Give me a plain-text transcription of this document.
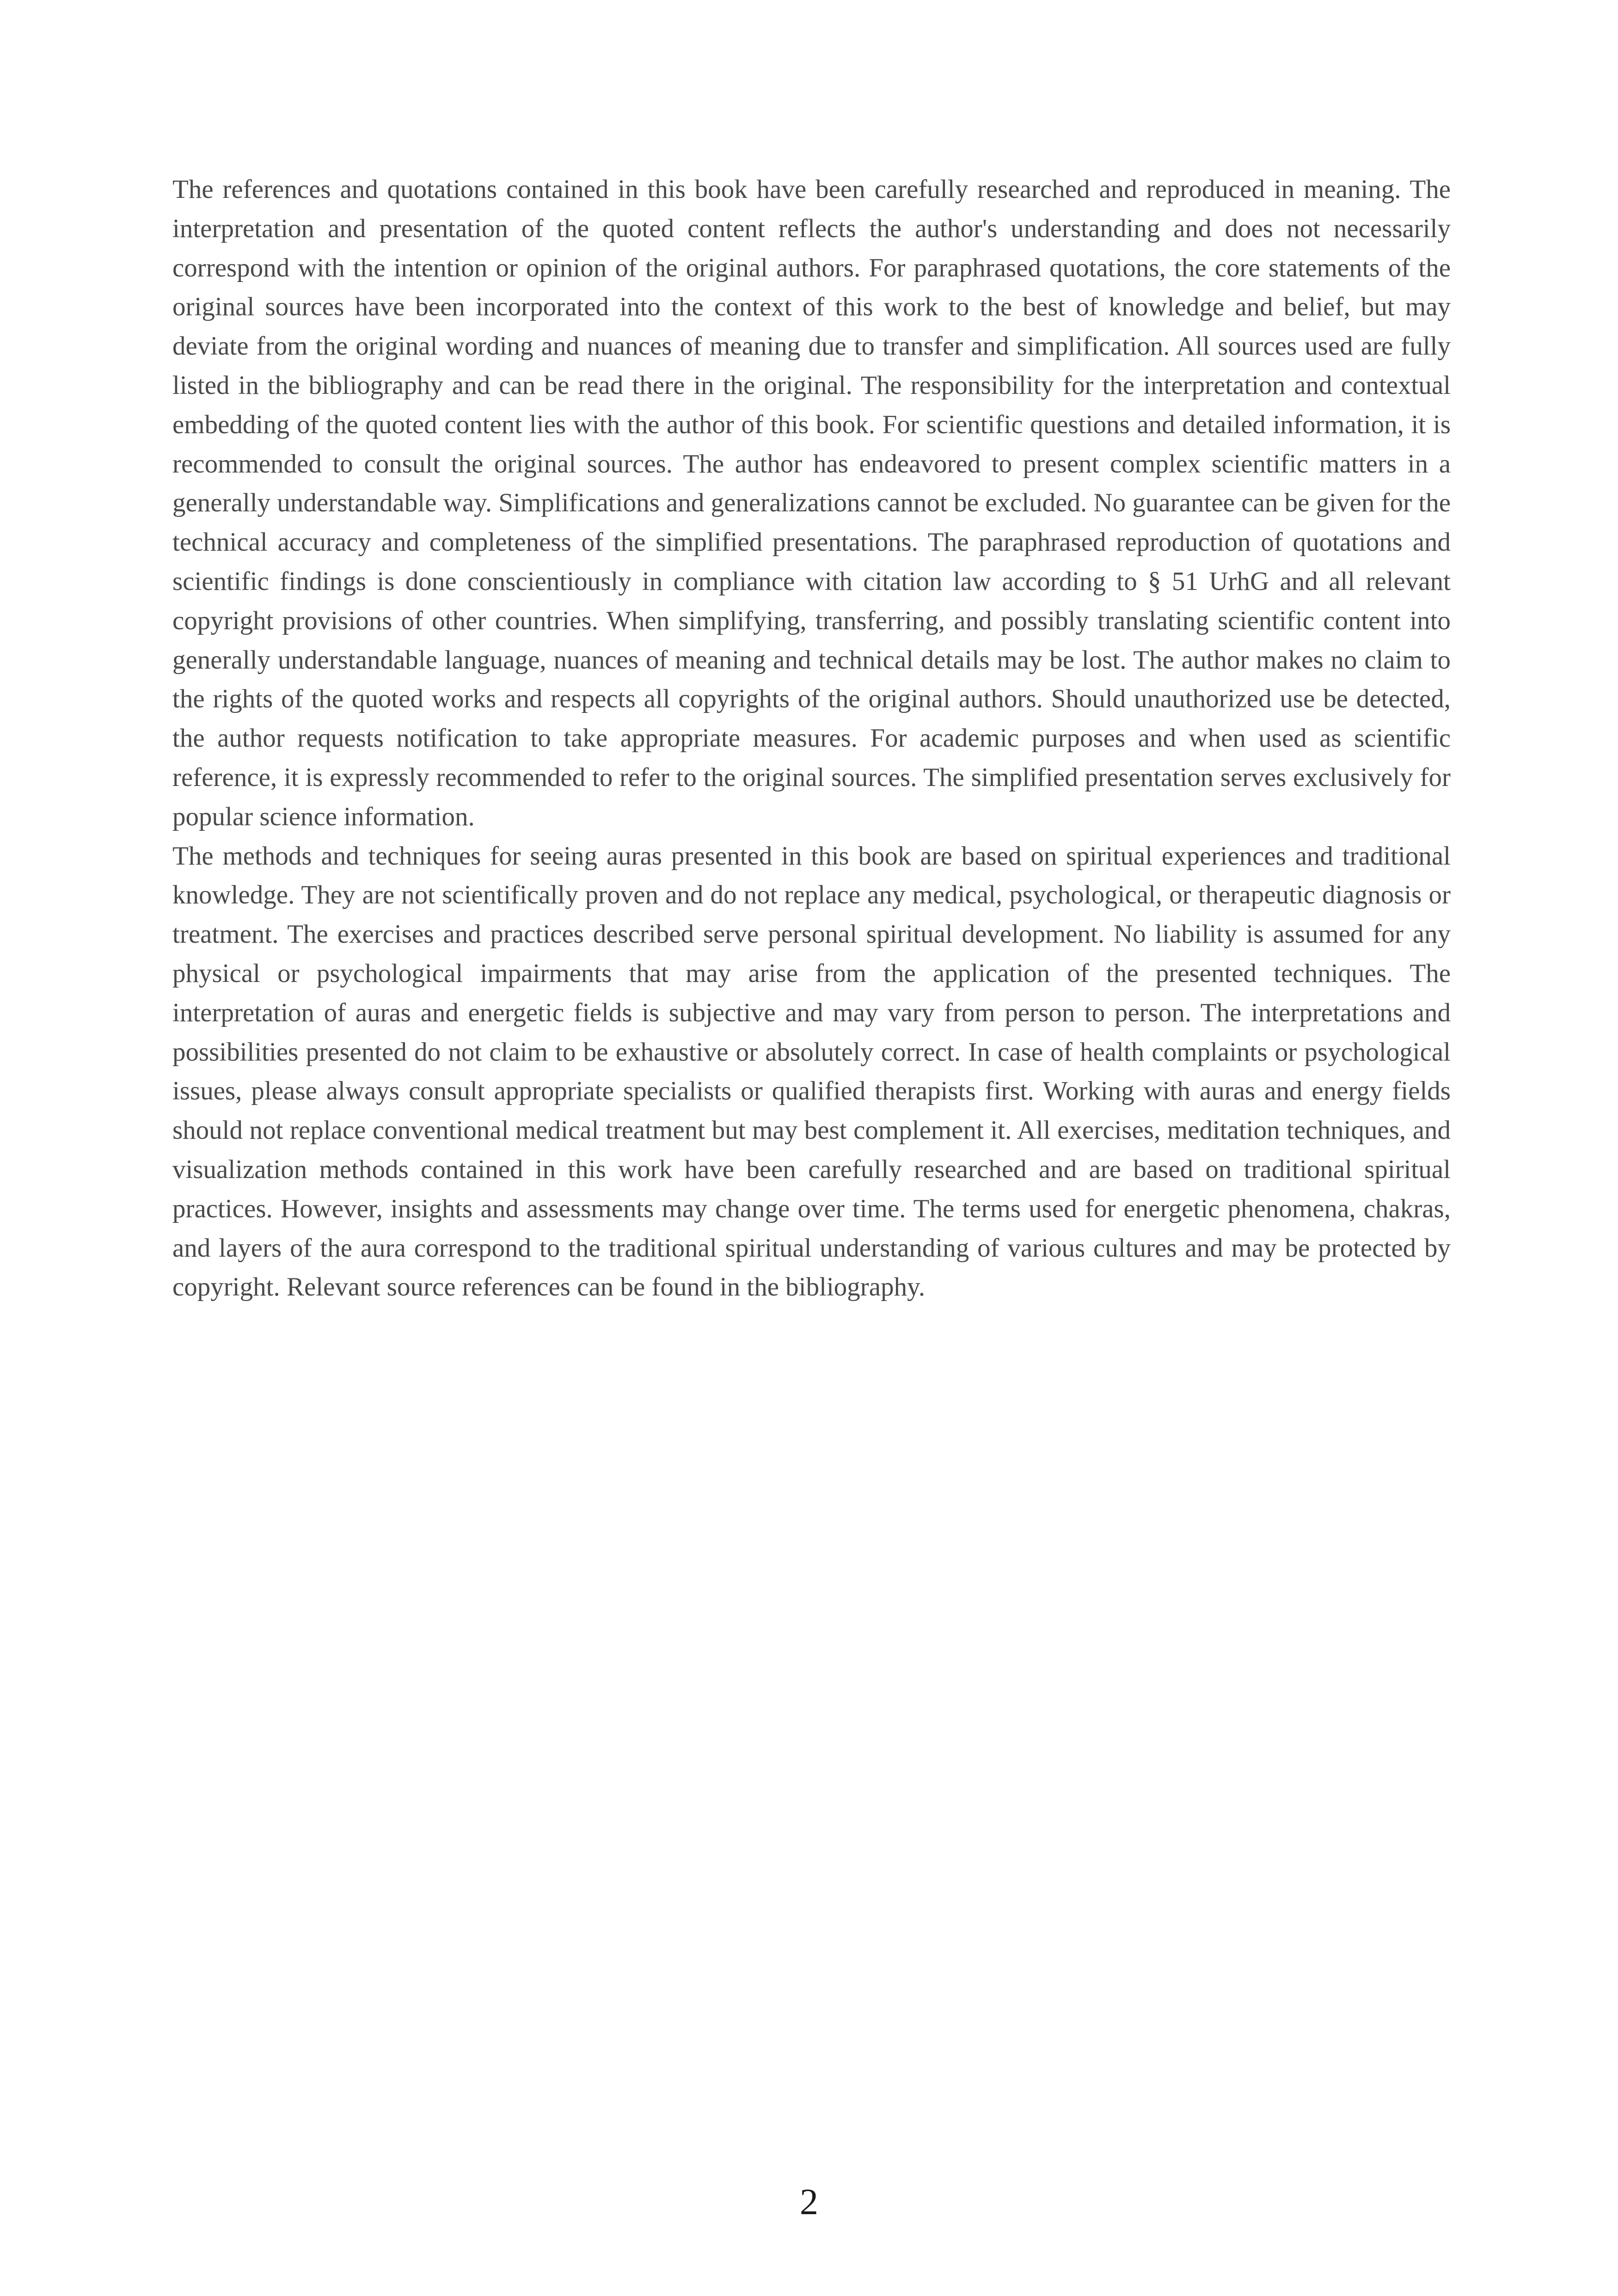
The references and quotations contained in this book have been carefully researched and reproduced in meaning. The interpretation and presentation of the quoted content reflects the author's understanding and does not necessarily correspond with the intention or opinion of the original authors. For paraphrased quotations, the core statements of the original sources have been incorporated into the context of this work to the best of knowledge and belief, but may deviate from the original wording and nuances of meaning due to transfer and simplification. All sources used are fully listed in the bibliography and can be read there in the original. The responsibility for the interpretation and contextual embedding of the quoted content lies with the author of this book. For scientific questions and detailed information, it is recommended to consult the original sources. The author has endeavored to present complex scientific matters in a generally understandable way. Simplifications and generalizations cannot be excluded. No guarantee can be given for the technical accuracy and completeness of the simplified presentations. The paraphrased reproduction of quotations and scientific findings is done conscientiously in compliance with citation law according to § 51 UrhG and all relevant copyright provisions of other countries. When simplifying, transferring, and possibly translating scientific content into generally understandable language, nuances of meaning and technical details may be lost. The author makes no claim to the rights of the quoted works and respects all copyrights of the original authors. Should unauthorized use be detected, the author requests notification to take appropriate measures. For academic purposes and when used as scientific reference, it is expressly recommended to refer to the original sources. The simplified presentation serves exclusively for popular science information.

The methods and techniques for seeing auras presented in this book are based on spiritual experiences and traditional knowledge. They are not scientifically proven and do not replace any medical, psychological, or therapeutic diagnosis or treatment. The exercises and practices described serve personal spiritual development. No liability is assumed for any physical or psychological impairments that may arise from the application of the presented techniques. The interpretation of auras and energetic fields is subjective and may vary from person to person. The interpretations and possibilities presented do not claim to be exhaustive or absolutely correct. In case of health complaints or psychological issues, please always consult appropriate specialists or qualified therapists first. Working with auras and energy fields should not replace conventional medical treatment but may best complement it. All exercises, meditation techniques, and visualization methods contained in this work have been carefully researched and are based on traditional spiritual practices. However, insights and assessments may change over time. The terms used for energetic phenomena, chakras, and layers of the aura correspond to the traditional spiritual understanding of various cultures and may be protected by copyright. Relevant source references can be found in the bibliography.

2
